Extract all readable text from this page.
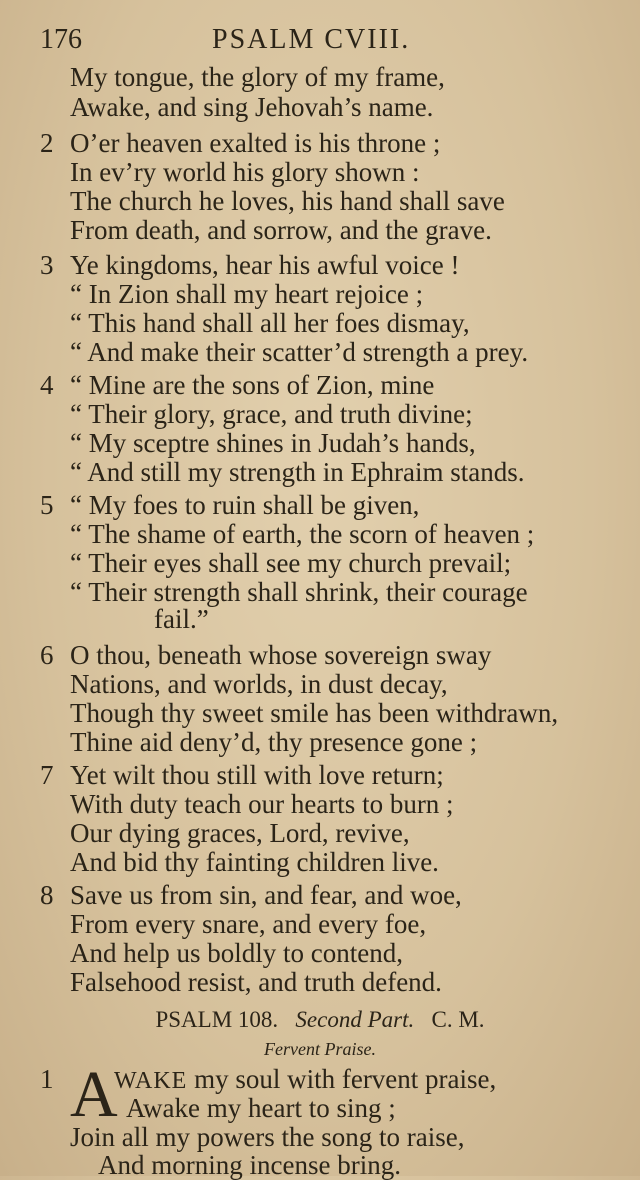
176	PSALM CVIII.
My tongue, the glory of my frame,
Awake, and sing Jehovah’s name.
2 O’er heaven exalted is his throne ;
In ev’ry world his glory shown :
The church he loves, his hand shall save
From death, and sorrow, and the grave.
3 Ye kingdoms, hear his awful voice !
“ In Zion shall my heart rejoice ;
“ This hand shall all her foes dismay,
“ And make their scatter’d strength a prey.
4 “ Mine are the sons of Zion, mine
“ Their glory, grace, and truth divine;
“ My sceptre shines in Judah’s hands,
“ And still my strength in Ephraim stands.
5 “ My foes to ruin shall be given,
“ The shame of earth, the scorn of heaven ;
“ Their eyes shall see my church prevail;
“ Their strength shall shrink, their courage
fail.”
6 O thou, beneath whose sovereign sway
Nations, and worlds, in dust decay,
Though thy sweet smile has been withdrawn,
Thine aid deny’d, thy presence gone ;
7 Yet wilt thou still with love return;
With duty teach our hearts to burn ;
Our dying graces, Lord, revive,
And bid thy fainting children live.
8 Save us from sin, and fear, and woe,
From every snare, and every foe,
And help us boldly to contend,
Falsehood resist, and truth defend.
PSALM 108. Second Part. C. M.
Fervent Praise.
1 A
WAKE my soul with fervent praise,
Awake my heart to sing ;
Join all my powers the song to raise,
And morning incense bring.
